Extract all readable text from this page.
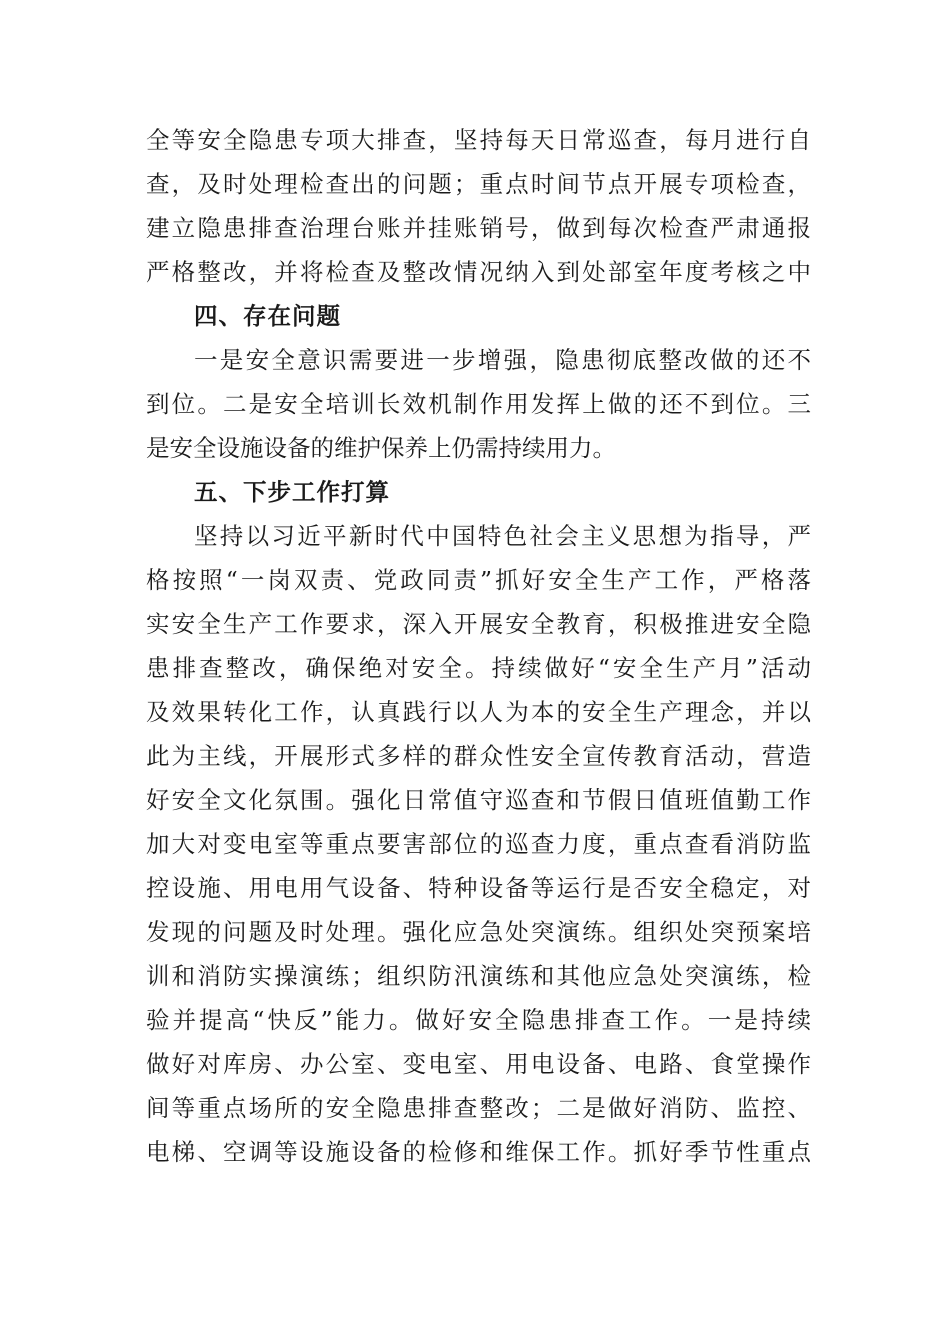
全等安全隐患专项大排查，坚持每天日常巡查，每月进行自
查，及时处理检查出的问题；重点时间节点开展专项检查，
建立隐患排查治理台账并挂账销号，做到每次检查严肃通报
严格整改，并将检查及整改情况纳入到处部室年度考核之中
四、存在问题
一是安全意识需要进一步增强，隐患彻底整改做的还不
到位。二是安全培训长效机制作用发挥上做的还不到位。三
是安全设施设备的维护保养上仍需持续用力。
五、下步工作打算
坚持以习近平新时代中国特色社会主义思想为指导，严
格按照“一岗双责、党政同责”抓好安全生产工作，严格落
实安全生产工作要求，深入开展安全教育，积极推进安全隐
患排查整改，确保绝对安全。持续做好“安全生产月”活动
及效果转化工作，认真践行以人为本的安全生产理念，并以
此为主线，开展形式多样的群众性安全宣传教育活动，营造
好安全文化氛围。强化日常值守巡查和节假日值班值勤工作
加大对变电室等重点要害部位的巡查力度，重点查看消防监
控设施、用电用气设备、特种设备等运行是否安全稳定，对
发现的问题及时处理。强化应急处突演练。组织处突预案培
训和消防实操演练；组织防汛演练和其他应急处突演练，检
验并提高“快反”能力。做好安全隐患排查工作。一是持续
做好对库房、办公室、变电室、用电设备、电路、食堂操作
间等重点场所的安全隐患排查整改；二是做好消防、监控、
电梯、空调等设施设备的检修和维保工作。抓好季节性重点
